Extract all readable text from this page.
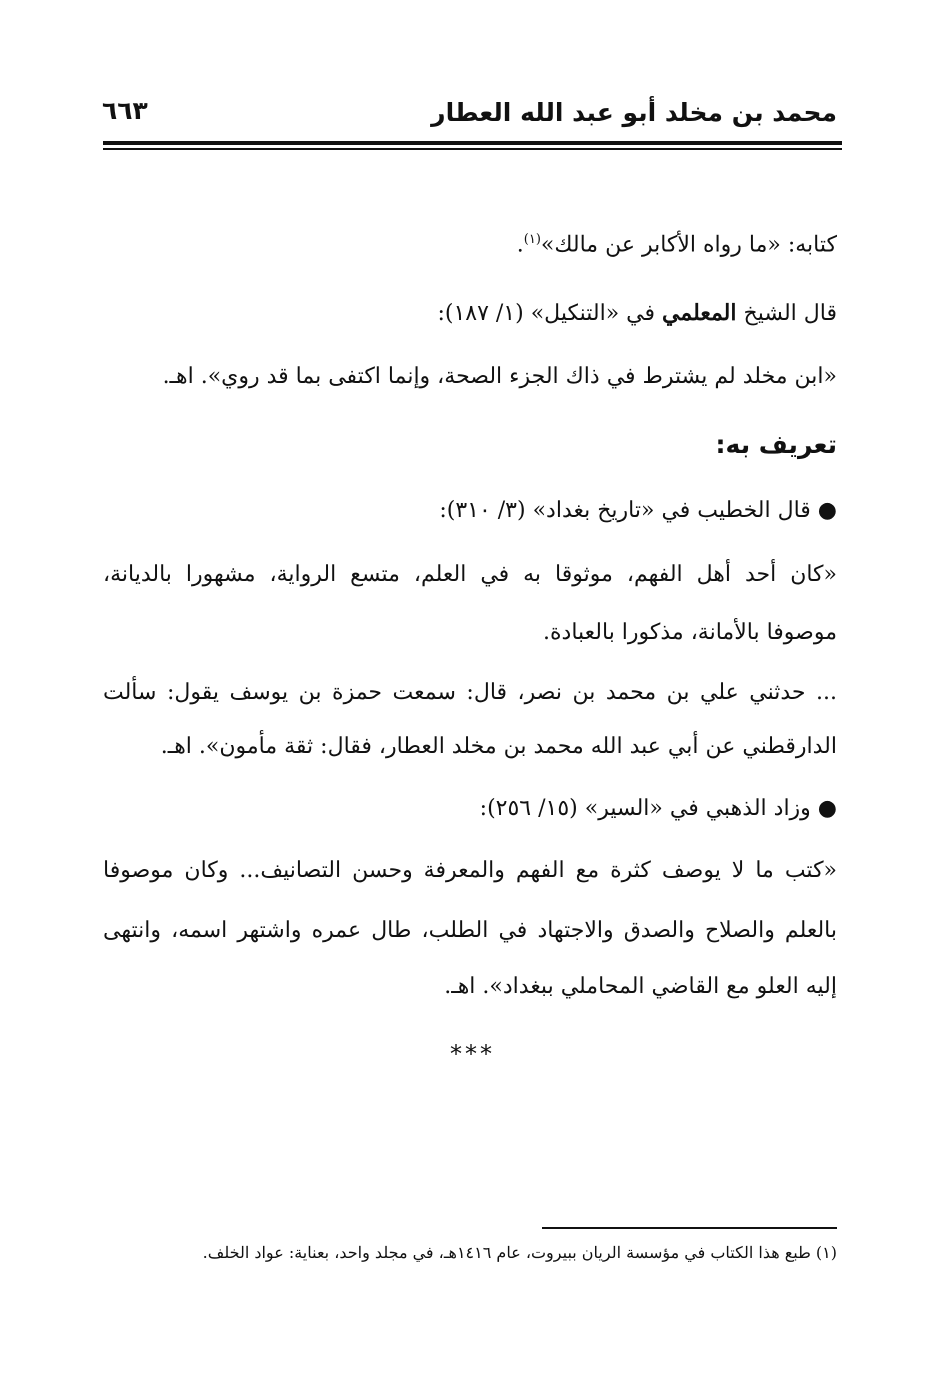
محمد بن مخلد أبو عبد الله العطار
٦٦٣
كتابه: «ما رواه الأكابر عن مالك»$^{(١)}$.
قال الشيخ المعلمي في «التنكيل» (١/ ١٨٧):
«ابن مخلد لم يشترط في ذاك الجزء الصحة، وإنما اكتفى بما قد روي». اهـ.
تعريف به:
● قال الخطيب في «تاريخ بغداد» (٣/ ٣١٠):
«كان أحد أهل الفهم، موثوقا به في العلم، متسع الرواية، مشهورا بالديانة،
موصوفا بالأمانة، مذكورا بالعبادة.
... حدثني علي بن محمد بن نصر، قال: سمعت حمزة بن يوسف يقول: سألت
الدارقطني عن أبي عبد الله محمد بن مخلد العطار، فقال: ثقة مأمون». اهـ.
● وزاد الذهبي في «السير» (١٥/ ٢٥٦):
«كتب ما لا يوصف كثرة مع الفهم والمعرفة وحسن التصانيف... وكان موصوفا
بالعلم والصلاح والصدق والاجتهاد في الطلب، طال عمره واشتهر اسمه، وانتهى
إليه العلو مع القاضي المحاملي ببغداد». اهـ.
***
(١) طبع هذا الكتاب في مؤسسة الريان ببيروت، عام ١٤١٦هـ، في مجلد واحد، بعناية: عواد الخلف.
